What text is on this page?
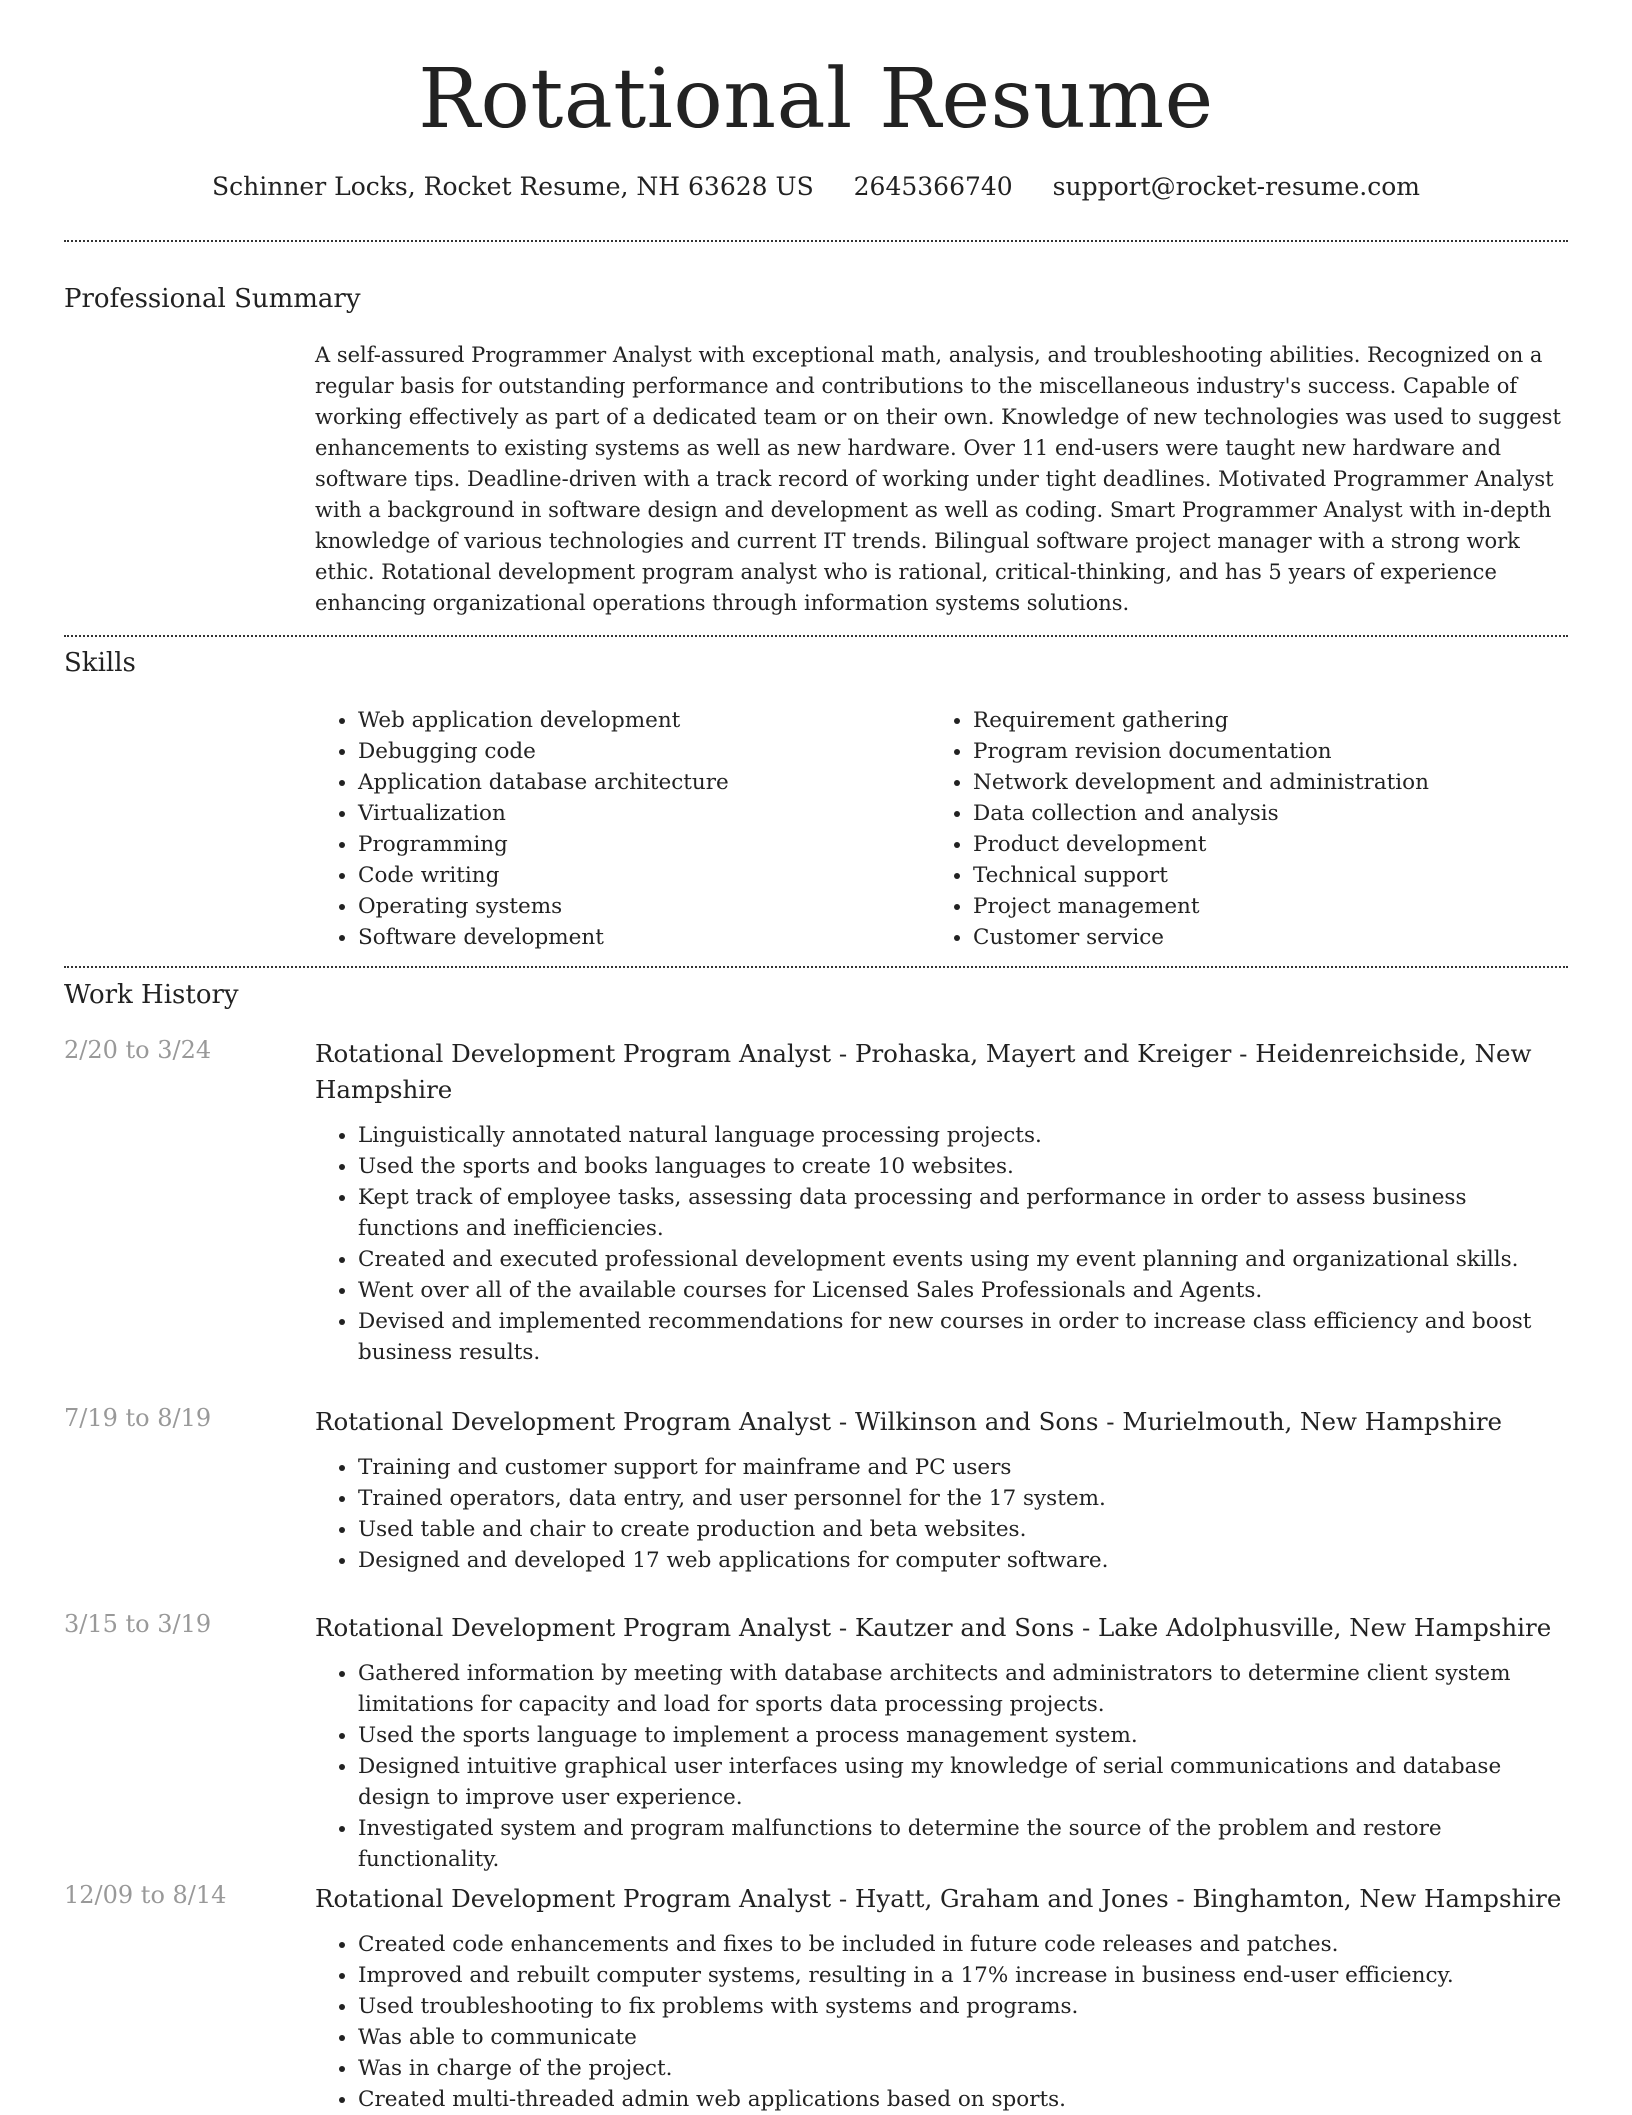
Rotational Resume
Schinner Locks, Rocket Resume, NH 63628 US 2645366740 support@rocket-resume.com
Professional Summary

A self-assured Programmer Analyst with exceptional math, analysis, and troubleshooting abilities. Recognized on a regular basis for outstanding performance and contributions to the miscellaneous industry's success. Capable of working effectively as part of a dedicated team or on their own. Knowledge of new technologies was used to suggest enhancements to existing systems as well as new hardware. Over 11 end-users were taught new hardware and software tips. Deadline-driven with a track record of working under tight deadlines. Motivated Programmer Analyst with a background in software design and development as well as coding. Smart Programmer Analyst with in-depth knowledge of various technologies and current IT trends. Bilingual software project manager with a strong work ethic. Rotational development program analyst who is rational, critical-thinking, and has 5 years of experience enhancing organizational operations through information systems solutions.

Skills
• Web application development
• Debugging code
• Application database architecture
• Virtualization
• Programming
• Code writing
• Operating systems
• Software development
• Requirement gathering
• Program revision documentation
• Network development and administration
• Data collection and analysis
• Product development
• Technical support
• Project management
• Customer service
Work History
2/20 to 3/24	Rotational Development Program Analyst - Prohaska, Mayert and Kreiger - Heidenreichside, New Hampshire
• Linguistically annotated natural language processing projects.
• Used the sports and books languages to create 10 websites.
• Kept track of employee tasks, assessing data processing and performance in order to assess business functions and inefficiencies.
• Created and executed professional development events using my event planning and organizational skills.
• Went over all of the available courses for Licensed Sales Professionals and Agents.
• Devised and implemented recommendations for new courses in order to increase class efficiency and boost business results.
7/19 to 8/19	Rotational Development Program Analyst - Wilkinson and Sons - Murielmouth, New Hampshire
• Training and customer support for mainframe and PC users
• Trained operators, data entry, and user personnel for the 17 system.
• Used table and chair to create production and beta websites.
• Designed and developed 17 web applications for computer software.
3/15 to 3/19	Rotational Development Program Analyst - Kautzer and Sons - Lake Adolphusville, New Hampshire
• Gathered information by meeting with database architects and administrators to determine client system limitations for capacity and load for sports data processing projects.
• Used the sports language to implement a process management system.
• Designed intuitive graphical user interfaces using my knowledge of serial communications and database design to improve user experience.
• Investigated system and program malfunctions to determine the source of the problem and restore functionality.
12/09 to 8/14	Rotational Development Program Analyst - Hyatt, Graham and Jones - Binghamton, New Hampshire
• Created code enhancements and fixes to be included in future code releases and patches.
• Improved and rebuilt computer systems, resulting in a 17% increase in business end-user efficiency.
• Used troubleshooting to fix problems with systems and programs.
• Was able to communicate
• Was in charge of the project.
• Created multi-threaded admin web applications based on sports.
